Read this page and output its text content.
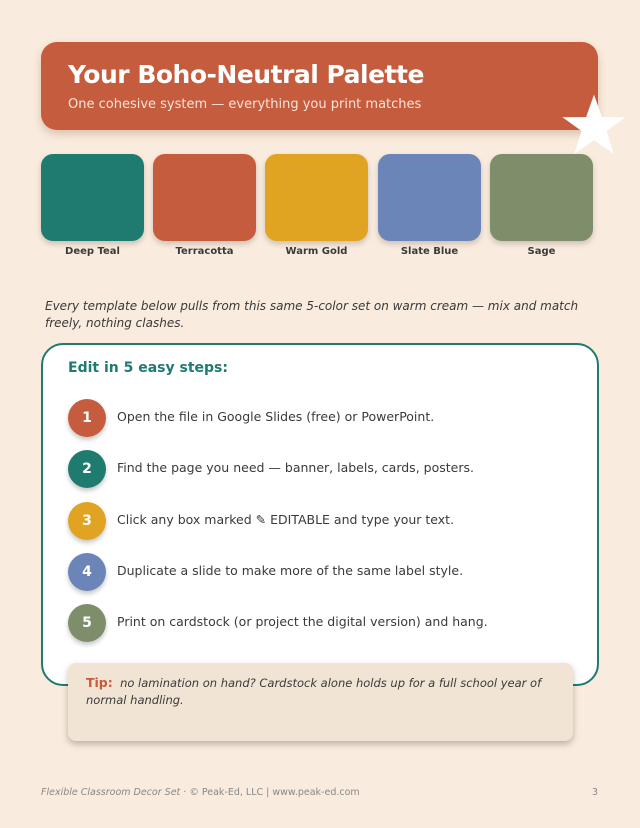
Your Boho-Neutral Palette
One cohesive system — everything you print matches
Deep Teal	Terracotta	Warm Gold	Slate Blue	Sage
Every template below pulls from this same 5-color set on warm cream — mix and match freely, nothing clashes.
Edit in 5 easy steps:
1	Open the file in Google Slides (free) or PowerPoint.
2	Find the page you need — banner, labels, cards, posters.
3	Click any box marked ✎ EDITABLE and type your text.
4	Duplicate a slide to make more of the same label style.
5	Print on cardstock (or project the digital version) and hang.
Tip: no lamination on hand? Cardstock alone holds up for a full school year of normal handling.
Flexible Classroom Decor Set · © Peak-Ed, LLC | www.peak-ed.com	3
